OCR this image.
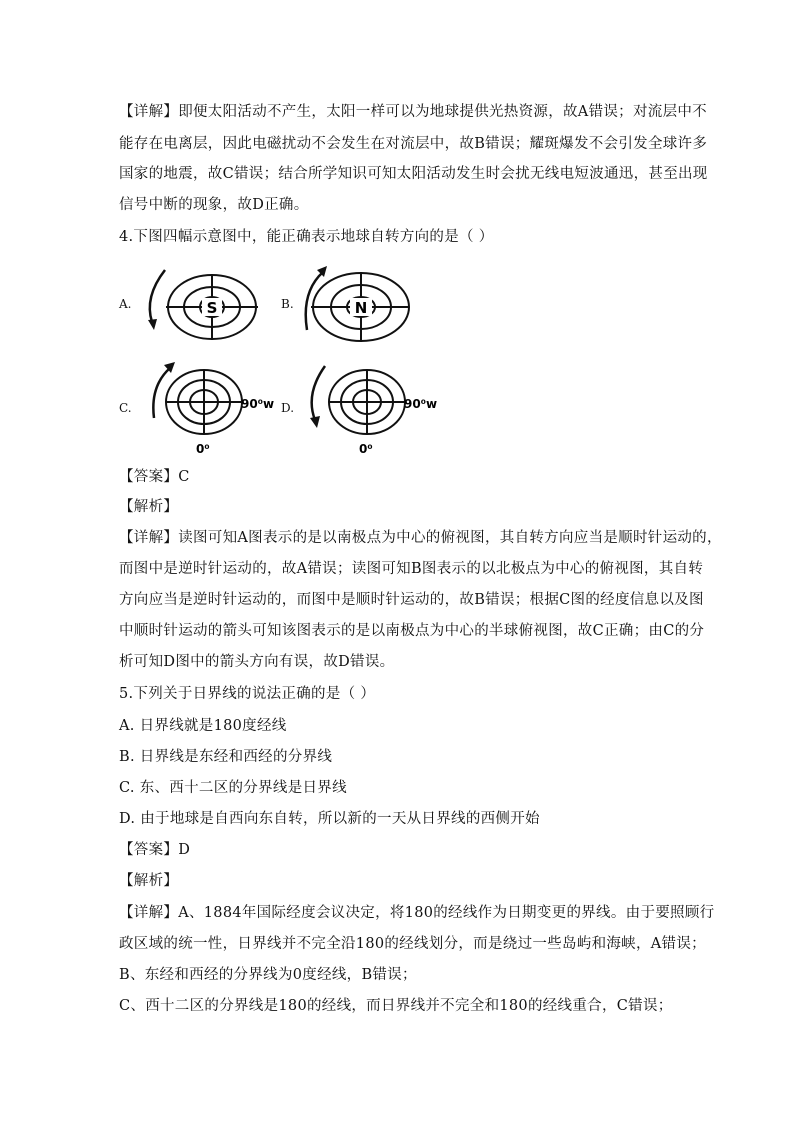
【详解】即便太阳活动不产生，太阳一样可以为地球提供光热资源，故A错误；对流层中不
能存在电离层，因此电磁扰动不会发生在对流层中，故B错误；耀斑爆发不会引发全球许多
国家的地震，故C错误；结合所学知识可知太阳活动发生时会扰无线电短波通迅，甚至出现
信号中断的现象，故D正确。
4.下图四幅示意图中，能正确表示地球自转方向的是（ ）
A.	S	B.	N
C.	90⁰w
0⁰
D.	90⁰w
0⁰
【答案】C
【解析】
【详解】读图可知A图表示的是以南极点为中心的俯视图，其自转方向应当是顺时针运动的，
而图中是逆时针运动的，故A错误；读图可知B图表示的以北极点为中心的俯视图，其自转
方向应当是逆时针运动的，而图中是顺时针运动的，故B错误；根据C图的经度信息以及图
中顺时针运动的箭头可知该图表示的是以南极点为中心的半球俯视图，故C正确；由C的分
析可知D图中的箭头方向有误，故D错误。
5.下列关于日界线的说法正确的是（ ）
A. 日界线就是180度经线
B. 日界线是东经和西经的分界线
C. 东、西十二区的分界线是日界线
D. 由于地球是自西向东自转，所以新的一天从日界线的西侧开始
【答案】D
【解析】
【详解】A、1884年国际经度会议决定，将180的经线作为日期变更的界线。由于要照顾行
政区域的统一性，日界线并不完全沿180的经线划分，而是绕过一些岛屿和海峡，A错误；
B、东经和西经的分界线为0度经线，B错误；
C、西十二区的分界线是180的经线，而日界线并不完全和180的经线重合，C错误；
